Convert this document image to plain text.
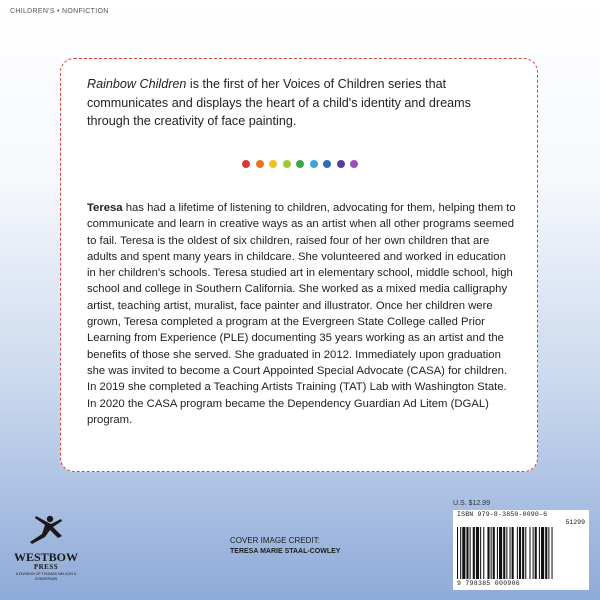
CHILDREN'S • NONFICTION

Rainbow Children is the first of her Voices of Children series that communicates and displays the heart of a child's identity and dreams through the creativity of face painting.

Teresa has had a lifetime of listening to children, advocating for them, helping them to communicate and learn in creative ways as an artist when all other programs seemed to fail. Teresa is the oldest of six children, raised four of her own children that are adults and spent many years in childcare. She volunteered and worked in education in her children's schools. Teresa studied art in elementary school, middle school, high school and college in Southern California. She worked as a mixed media calligraphy artist, teaching artist, muralist, face painter and illustrator. Once her children were grown, Teresa completed a program at the Evergreen State College called Prior Learning from Experience (PLE) documenting 35 years working as an artist and the benefits of those she served. She graduated in 2012. Immediately upon graduation she was invited to become a Court Appointed Special Advocate (CASA) for children. In 2019 she completed a Teaching Artists Training (TAT) Lab with Washington State. In 2020 the CASA program became the Dependency Guardian Ad Litem (DGAL) program.

WESTBOW
PRESS
A DIVISION OF THOMAS NELSON & ZONDERVAN
COVER IMAGE CREDIT:
TERESA MARIE STAAL-COWLEY
U.S. $12.99
ISBN 979-8-3850-0090-6
51299
9 798385 000906
